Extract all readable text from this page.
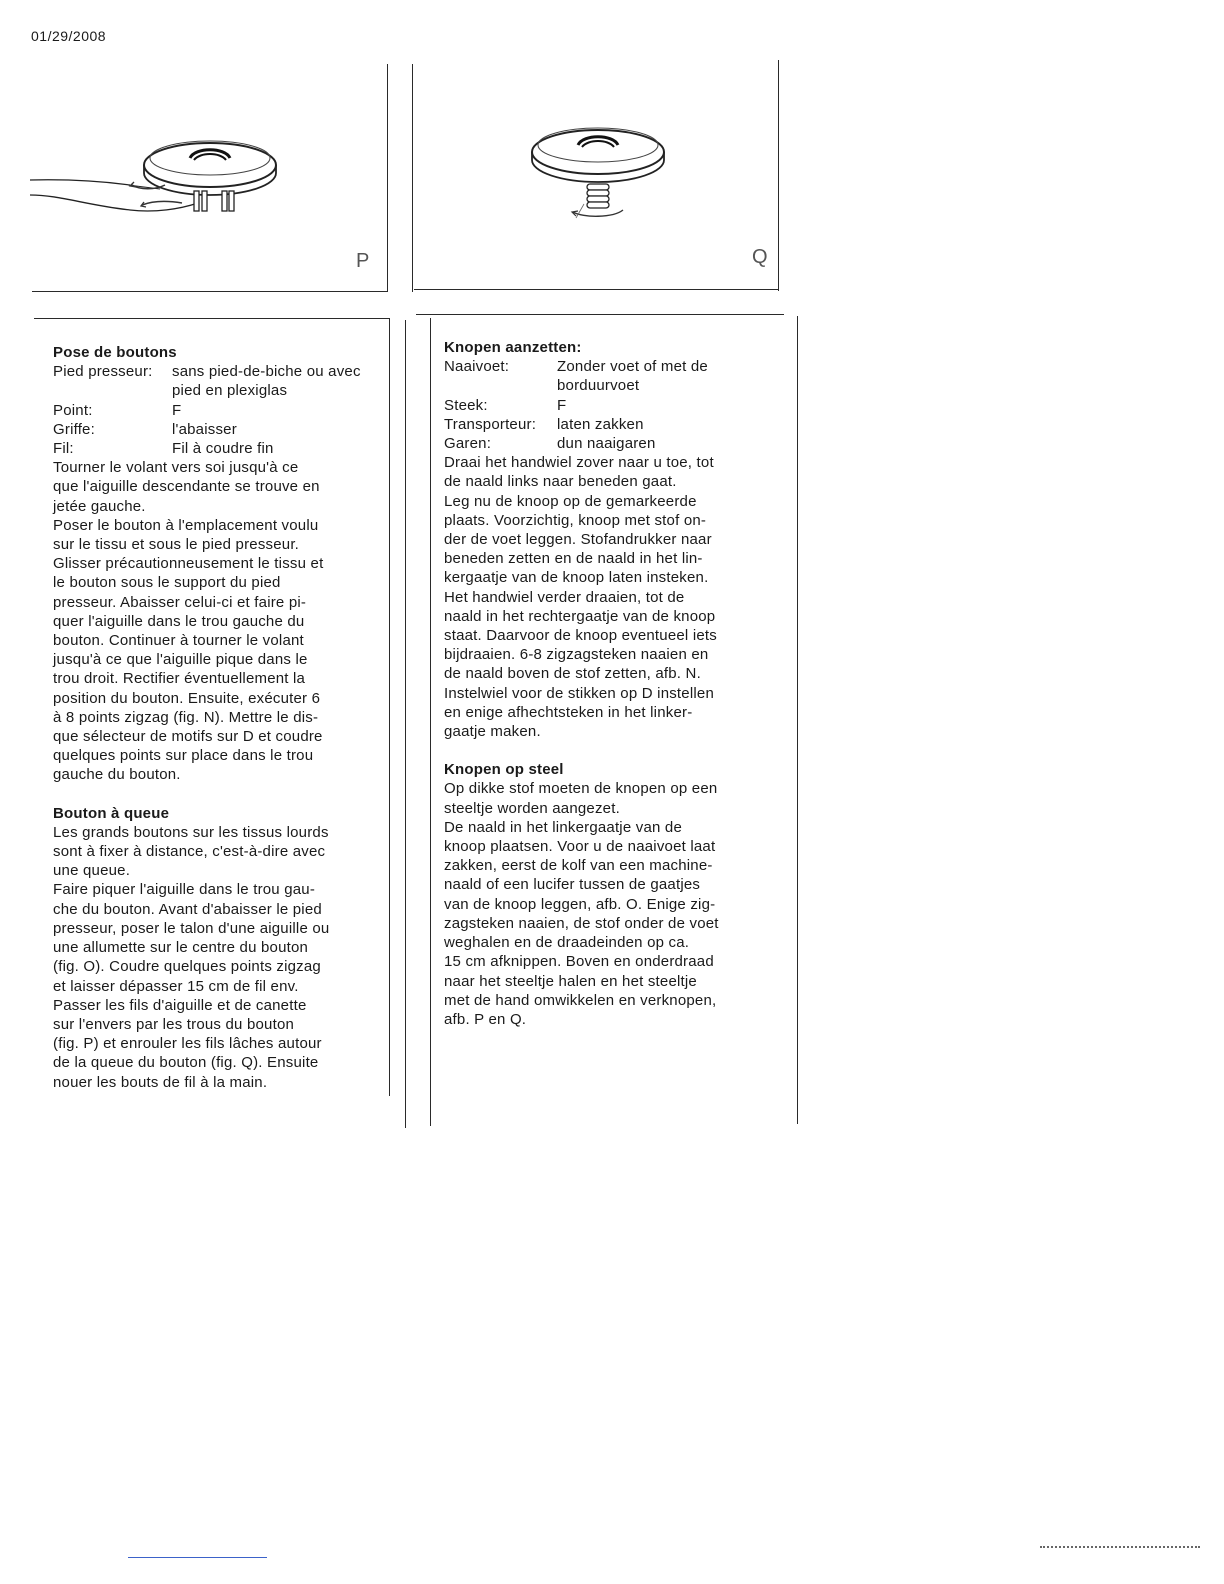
01/29/2008
P	Q
Pose de boutons
Pied presseur:	sans pied-de-biche ou avec pied en plexiglas
Point:	F
Griffe:	l'abaisser
Fil:	Fil à coudre fin

Tourner le volant vers soi jusqu'à ce

que l'aiguille descendante se trouve en

jetée gauche.

Poser le bouton à l'emplacement voulu

sur le tissu et sous le pied presseur.

Glisser précautionneusement le tissu et

le bouton sous le support du pied

presseur. Abaisser celui-ci et faire pi-

quer l'aiguille dans le trou gauche du

bouton. Continuer à tourner le volant

jusqu'à ce que l'aiguille pique dans le

trou droit. Rectifier éventuellement la

position du bouton. Ensuite, exécuter 6

à 8 points zigzag (fig. N). Mettre le dis-

que sélecteur de motifs sur D et coudre

quelques points sur place dans le trou

gauche du bouton.

Bouton à queue

Les grands boutons sur les tissus lourds

sont à fixer à distance, c'est-à-dire avec

une queue.

Faire piquer l'aiguille dans le trou gau-

che du bouton. Avant d'abaisser le pied

presseur, poser le talon d'une aiguille ou

une allumette sur le centre du bouton

(fig. O). Coudre quelques points zigzag

et laisser dépasser 15 cm de fil env.

Passer les fils d'aiguille et de canette

sur l'envers par les trous du bouton

(fig. P) et enrouler les fils lâches autour

de la queue du bouton (fig. Q). Ensuite

nouer les bouts de fil à la main.

Knopen aanzetten:
Naaivoet:	Zonder voet of met de borduurvoet
Steek:	F
Transporteur:	laten zakken
Garen:	dun naaigaren

Draai het handwiel zover naar u toe, tot

de naald links naar beneden gaat.

Leg nu de knoop op de gemarkeerde

plaats. Voorzichtig, knoop met stof on-

der de voet leggen. Stofandrukker naar

beneden zetten en de naald in het lin-

kergaatje van de knoop laten insteken.

Het handwiel verder draaien, tot de

naald in het rechtergaatje van de knoop

staat. Daarvoor de knoop eventueel iets

bijdraaien. 6-8 zigzagsteken naaien en

de naald boven de stof zetten, afb. N.

Instelwiel voor de stikken op D instellen

en enige afhechtsteken in het linker-

gaatje maken.

Knopen op steel

Op dikke stof moeten de knopen op een

steeltje worden aangezet.

De naald in het linkergaatje van de

knoop plaatsen. Voor u de naaivoet laat

zakken, eerst de kolf van een machine-

naald of een lucifer tussen de gaatjes

van de knoop leggen, afb. O. Enige zig-

zagsteken naaien, de stof onder de voet

weghalen en de draadeinden op ca.

15 cm afknippen. Boven en onderdraad

naar het steeltje halen en het steeltje

met de hand omwikkelen en verknopen,

afb. P en Q.
